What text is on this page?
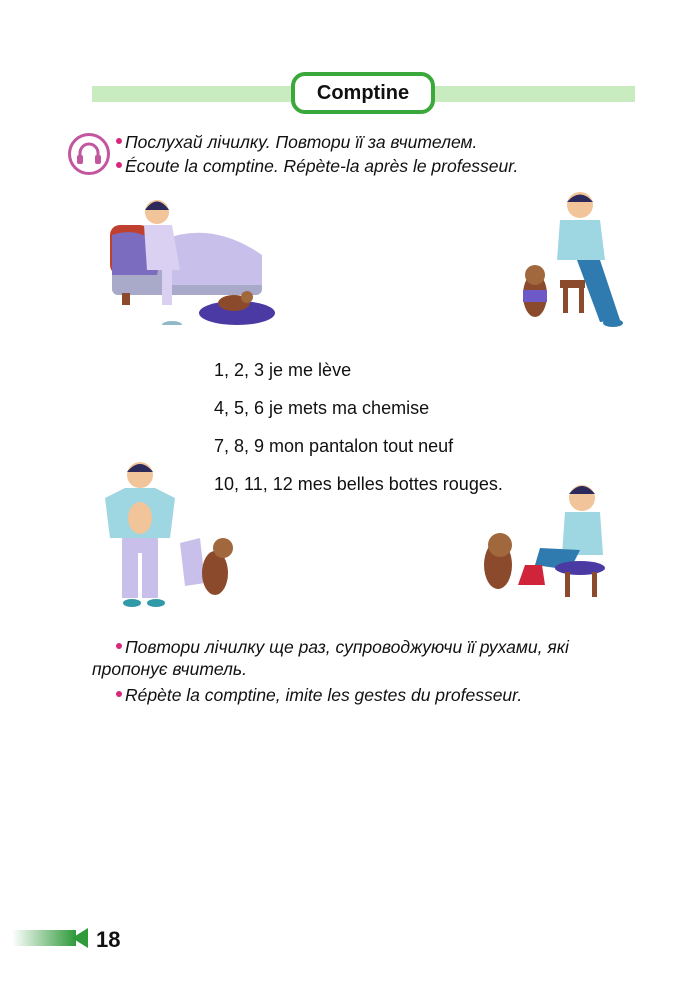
Comptine
Послухай лічилку. Повтори її за вчителем.
Écoute la comptine. Répète-la après le professeur.
1, 2, 3 je me lève
4, 5, 6 je mets ma chemise
7, 8, 9 mon pantalon tout neuf
10, 11, 12 mes belles bottes rouges.
Повтори лічилку ще раз, супроводжуючи її рухами, які пропонує вчитель.
Répète la comptine, imite les gestes du professeur.
18
